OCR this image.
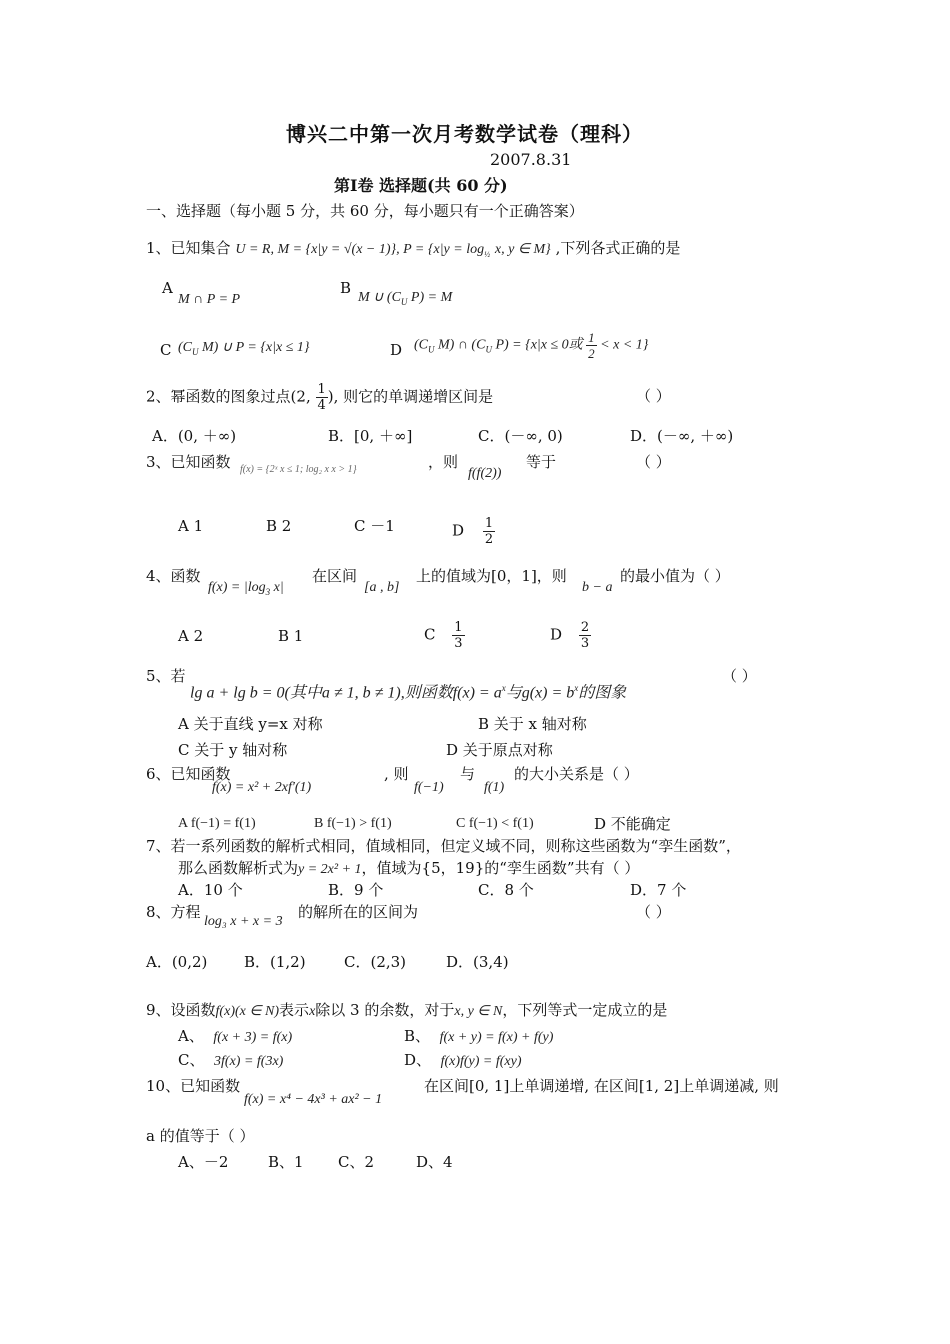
博兴二中第一次月考数学试卷（理科）
2007.8.31
第Ⅰ卷 选择题(共 60 分)
一、选择题（每小题 5 分，共 60 分，每小题只有一个正确答案）
1、已知集合 U = R, M = {x|y = √(x − 1)}, $P = \{x|y = \log_{\frac{1}{2}} x$, y ∈ M} ,下列各式正确的是
A
M ∩ P = P
B
M ∪ ($C_U$ P) = M
C ($C_U$ M) ∪ P = {x|x ≤ 1}	D ($C_U$ M) ∩ ($C_U$ P) = {x|x ≤ 0或 $\frac{1}{2} < x < 1$}
2、幂函数的图象过点(2, $\frac{1}{4}$ ), 则它的单调递增区间是	（ ）
A．(0, ＋∞)	B．[0, ＋∞]	C．(－∞, 0)	D．(－∞, ＋∞)
3、已知函数 f(x) = {2ˣ x ≤ 1; log₂ x x > 1}	，则
f(f(2))
等于	（ ）
A 1	B 2	C －1	D $\frac{1}{2}$
4、函数
$f(x) = |\log_3$ x|
在区间
[a , b]
上的值域为[0，1]，则
b − a
的最小值为（ ）
A 2	B 1	C $\frac{1}{3}$	D $\frac{2}{3}$
5、若
lg a + lg b = 0(其中a ≠ 1, b ≠ 1),则函数$f(x) = a^x$与$g(x) = b^x$的图象
（ ）
A 关于直线 y=x 对称	B 关于 x 轴对称
C 关于 y 轴对称	D 关于原点对称
6、已知函数
f(x) = x² + 2xf′(1)
, 则
f(−1)
与
f(1)
的大小关系是（ ）
A f(−1) = f(1)	B f(−1) > f(1)	C f(−1) < f(1)	D 不能确定
7、若一系列函数的解析式相同，值域相同，但定义域不同，则称这些函数为“孪生函数”，
那么函数解析式为y = 2x² + 1，值域为{5，19}的“孪生函数”共有（ ）
A．10 个	B．9 个	C．8 个	D．7 个
8、方程
log₃ x + x = 3
的解所在的区间为	（ ）
A．(0,2) B．(1,2)	C．(2,3)	D．(3,4)
9、设函数f(x)(x ∈ N)表示x除以 3 的余数，对于x, y ∈ N，下列等式一定成立的是
A、 f(x + 3) = f(x)	B、 f(x + y) = f(x) + f(y)
C、 3f(x) = f(3x)	D、 f(x)f(y) = f(xy)
10、已知函数
f(x) = x⁴ − 4x³ + ax² − 1
在区间[0, 1]上单调递增, 在区间[1, 2]上单调递减, 则
a 的值等于（ ）
A、－2	B、1 C、2	D、4
